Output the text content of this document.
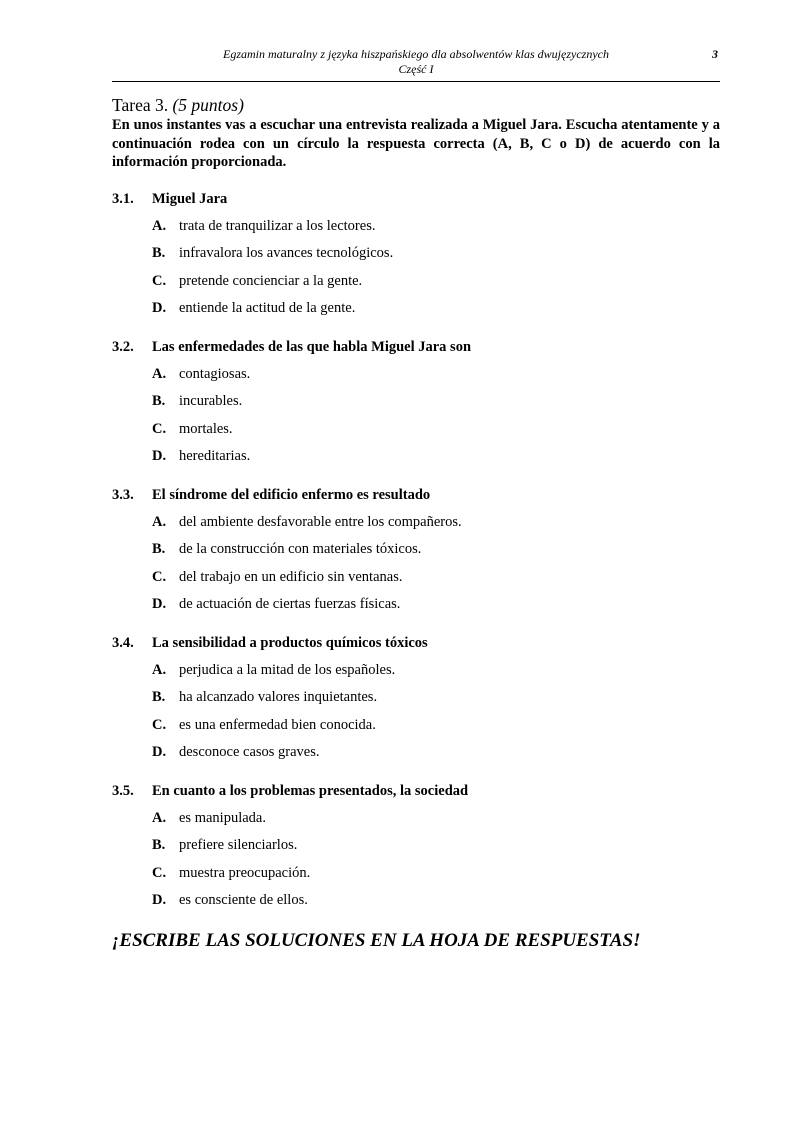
Egzamin maturalny z języka hiszpańskiego dla absolwentów klas dwujęzycznych
Część I
3

Tarea 3. (5 puntos)

En unos instantes vas a escuchar una entrevista realizada a Miguel Jara. Escucha atentamente y a continuación rodea con un círculo la respuesta correcta (A, B, C o D) de acuerdo con la información proporcionada.

3.1.	Miguel Jara
A. trata de tranquilizar a los lectores.
B. infravalora los avances tecnológicos.
C. pretende concienciar a la gente.
D. entiende la actitud de la gente.
3.2.	Las enfermedades de las que habla Miguel Jara son
A. contagiosas.
B. incurables.
C. mortales.
D. hereditarias.
3.3.	El síndrome del edificio enfermo es resultado
A. del ambiente desfavorable entre los compañeros.
B. de la construcción con materiales tóxicos.
C. del trabajo en un edificio sin ventanas.
D. de actuación de ciertas fuerzas físicas.
3.4.	La sensibilidad a productos químicos tóxicos
A. perjudica a la mitad de los españoles.
B. ha alcanzado valores inquietantes.
C. es una enfermedad bien conocida.
D. desconoce casos graves.
3.5.	En cuanto a los problemas presentados, la sociedad
A. es manipulada.
B. prefiere silenciarlos.
C. muestra preocupación.
D. es consciente de ellos.
¡ESCRIBE LAS SOLUCIONES EN LA HOJA DE RESPUESTAS!
